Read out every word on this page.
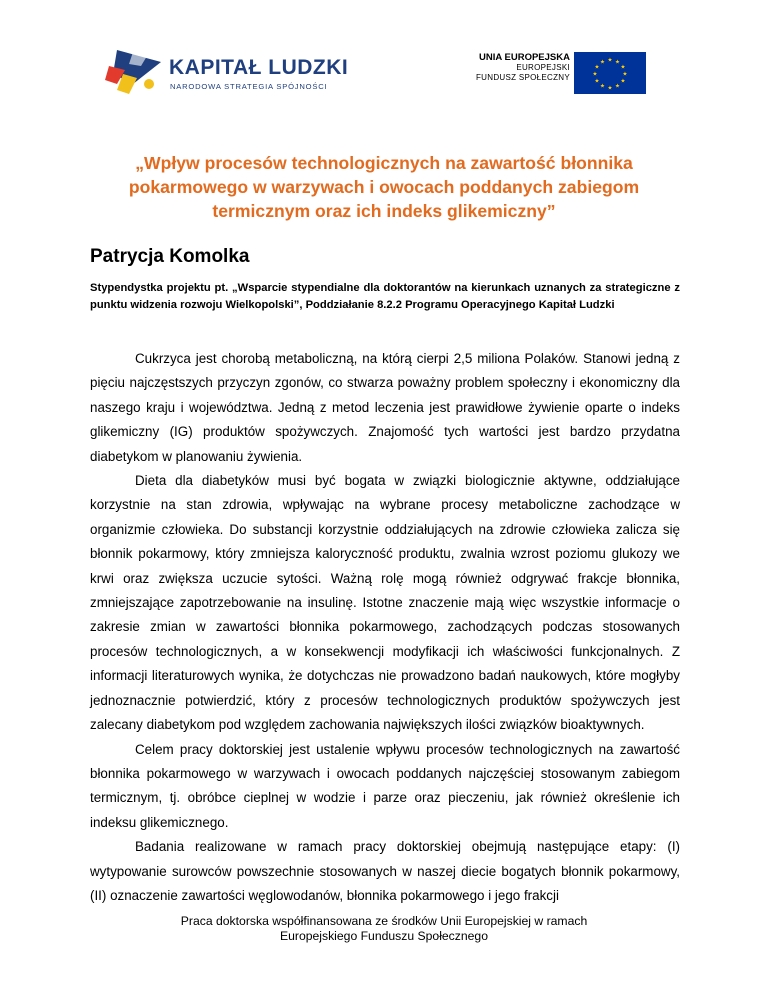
KAPITAŁ LUDZKI
NARODOWA STRATEGIA SPÓJNOŚCI
UNIA EUROPEJSKA
EUROPEJSKI
FUNDUSZ SPOŁECZNY
★ ★
★
★
★
★
★
★
★
★
★
★
„Wpływ procesów technologicznych na zawartość błonnika pokarmowego w warzywach i owocach poddanych zabiegom termicznym oraz ich indeks glikemiczny”
Patrycja Komolka

Stypendystka projektu pt. „Wsparcie stypendialne dla doktorantów na kierunkach uznanych za strategiczne z punktu widzenia rozwoju Wielkopolski”, Poddziałanie 8.2.2 Programu Operacyjnego Kapitał Ludzki

Cukrzyca jest chorobą metaboliczną, na którą cierpi 2,5 miliona Polaków. Stanowi jedną z pięciu najczęstszych przyczyn zgonów, co stwarza poważny problem społeczny i ekonomiczny dla naszego kraju i województwa. Jedną z metod leczenia jest prawidłowe żywienie oparte o indeks glikemiczny (IG) produktów spożywczych. Znajomość tych wartości jest bardzo przydatna diabetykom w planowaniu żywienia.

Dieta dla diabetyków musi być bogata w związki biologicznie aktywne, oddziałujące korzystnie na stan zdrowia, wpływając na wybrane procesy metaboliczne zachodzące w organizmie człowieka. Do substancji korzystnie oddziałujących na zdrowie człowieka zalicza się błonnik pokarmowy, który zmniejsza kaloryczność produktu, zwalnia wzrost poziomu glukozy we krwi oraz zwiększa uczucie sytości. Ważną rolę mogą również odgrywać frakcje błonnika, zmniejszające zapotrzebowanie na insulinę. Istotne znaczenie mają więc wszystkie informacje o zakresie zmian w zawartości błonnika pokarmowego, zachodzących podczas stosowanych procesów technologicznych, a w konsekwencji modyfikacji ich właściwości funkcjonalnych. Z informacji literaturowych wynika, że dotychczas nie prowadzono badań naukowych, które mogłyby jednoznacznie potwierdzić, który z procesów technologicznych produktów spożywczych jest zalecany diabetykom pod względem zachowania największych ilości związków bioaktywnych.

Celem pracy doktorskiej jest ustalenie wpływu procesów technologicznych na zawartość błonnika pokarmowego w warzywach i owocach poddanych najczęściej stosowanym zabiegom termicznym, tj. obróbce cieplnej w wodzie i parze oraz pieczeniu, jak również określenie ich indeksu glikemicznego.

Badania realizowane w ramach pracy doktorskiej obejmują następujące etapy: (I) wytypowanie surowców powszechnie stosowanych w naszej diecie bogatych błonnik pokarmowy, (II) oznaczenie zawartości węglowodanów, błonnika pokarmowego i jego frakcji

Praca doktorska współfinansowana ze środków Unii Europejskiej w ramach
Europejskiego Funduszu Społecznego
